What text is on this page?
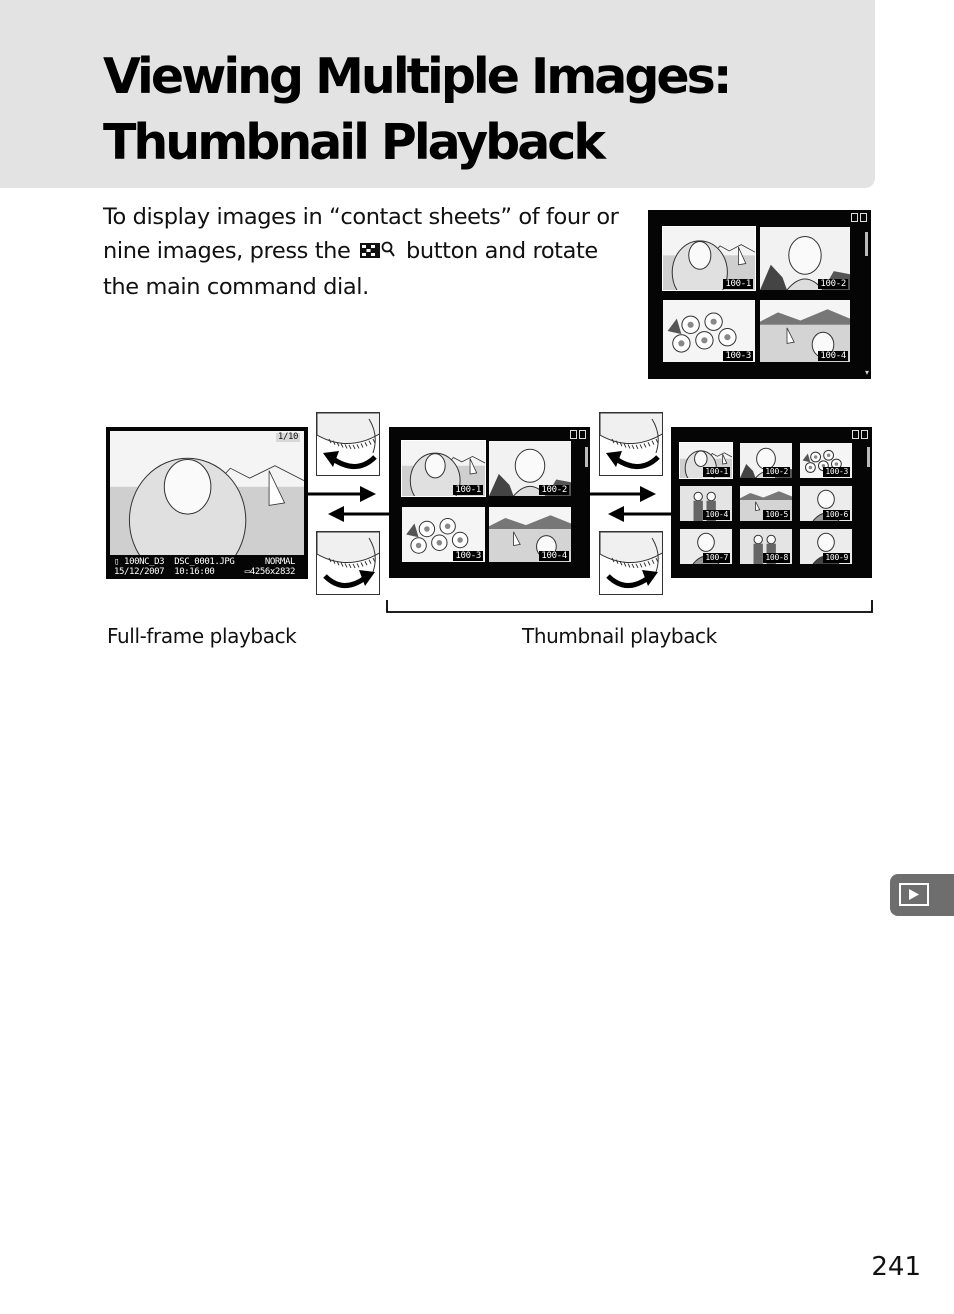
Viewing Multiple Images:
Thumbnail Playback

To display images in “contact sheets” of four or nine images, press the button and rotate the main command dial.

▾
100-1	100-2
100-3	100-4
1/10
▯ 100NC_D3  DSC_0001.JPG	NORMAL
15/12/2007  10:16:00	▭4256x2832
100-1	100-2
100-3	100-4
100-1	100-2	100-3
100-4	100-5	100-6
100-7	100-8	100-9
Full-frame playback	Thumbnail playback
241
